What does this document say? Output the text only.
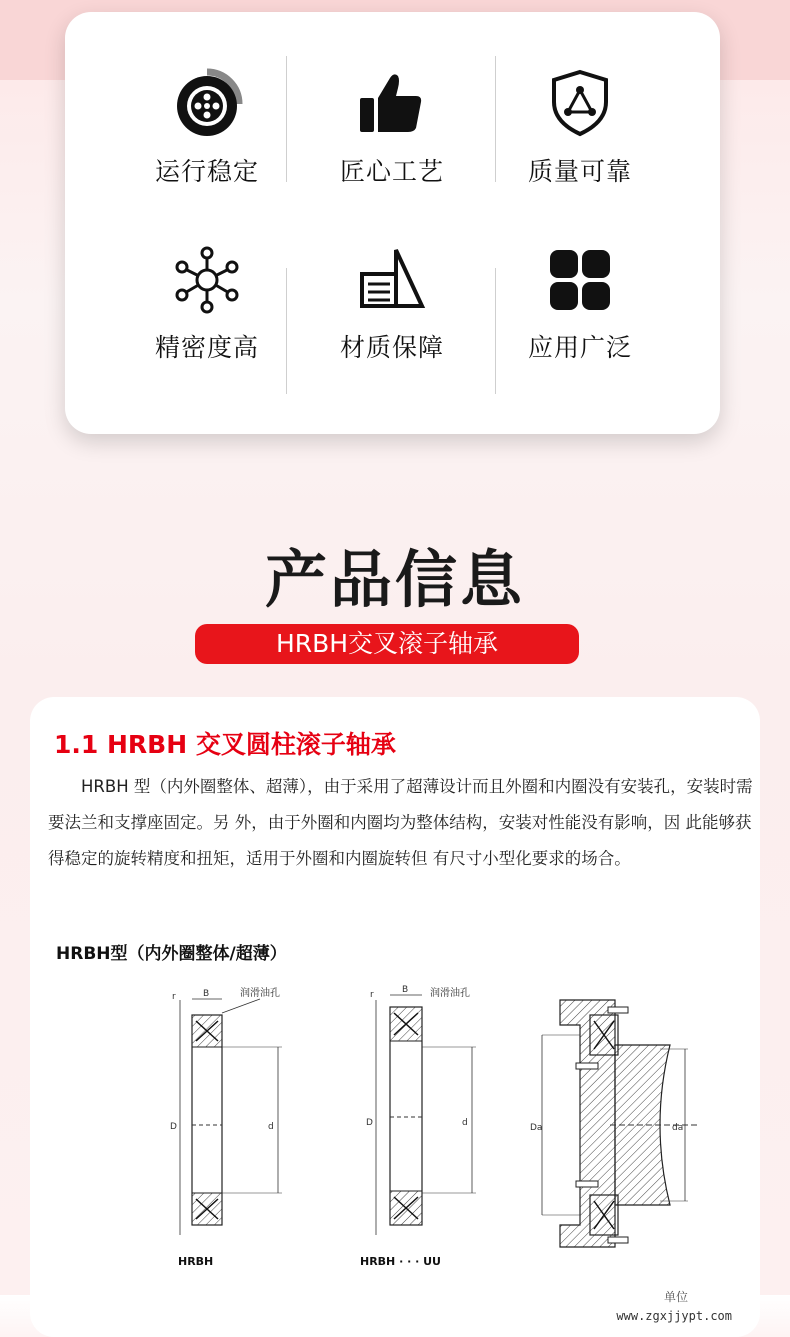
运行稳定	匠心工艺	质量可靠
精密度高	材质保障	应用广泛
产品信息
HRBH交叉滚子轴承
1.1 HRBH 交叉圆柱滚子轴承
HRBH 型（内外圈整体、超薄），由于采用了超薄设计而且外圈和内圈没有安装孔，安装时需要法兰和支撑座固定。另 外，由于外圈和内圈均为整体结构，安装对性能没有影响，因 此能够获得稳定的旋转精度和扭矩，适用于外圈和内圈旋转但 有尺寸小型化要求的场合。
HRBH型（内外圈整体/超薄）
r	B	润滑油孔
D	d
HRBH
r	B 润滑油孔
D	d
HRBH · · · UU
Da	da
www.zgxjjypt.com
单位
